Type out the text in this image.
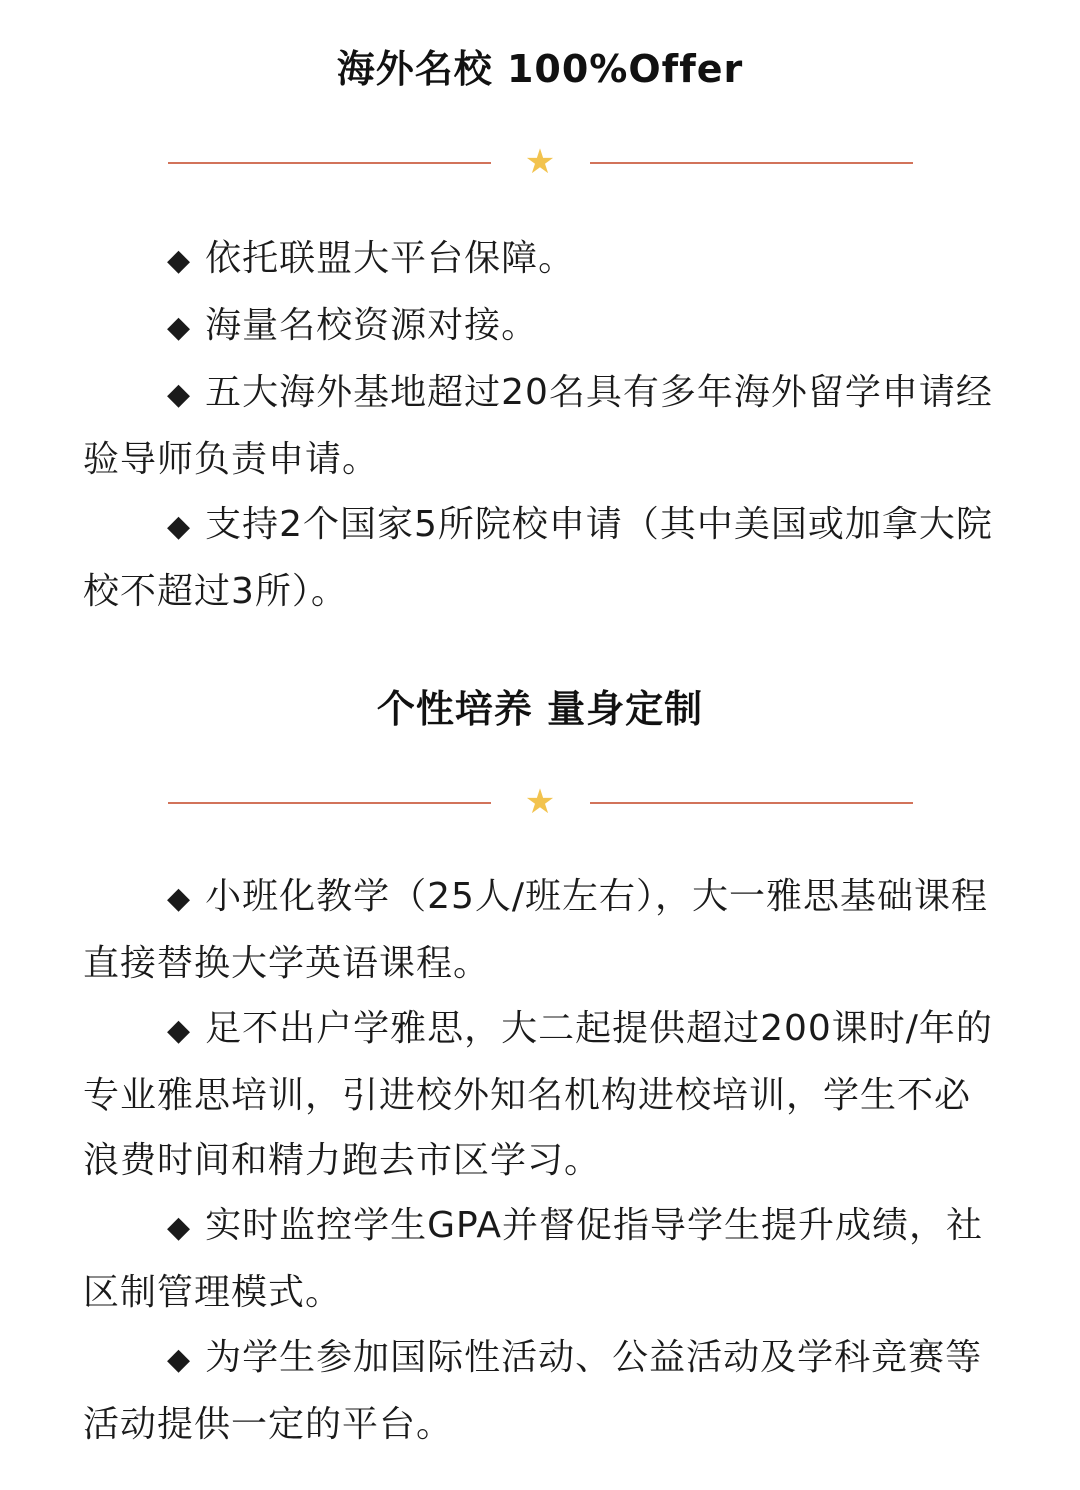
海外名校 100%Offer
★

◆ 依托联盟大平台保障。

◆ 海量名校资源对接。

◆ 五大海外基地超过20名具有多年海外留学申请经验导师负责申请。

◆ 支持2个国家5所院校申请（其中美国或加拿大院校不超过3所）。

个性培养 量身定制
★

◆ 小班化教学（25人/班左右），大一雅思基础课程直接替换大学英语课程。

◆ 足不出户学雅思，大二起提供超过200课时/年的专业雅思培训，引进校外知名机构进校培训，学生不必浪费时间和精力跑去市区学习。

◆ 实时监控学生GPA并督促指导学生提升成绩，社区制管理模式。

◆ 为学生参加国际性活动、公益活动及学科竞赛等活动提供一定的平台。
